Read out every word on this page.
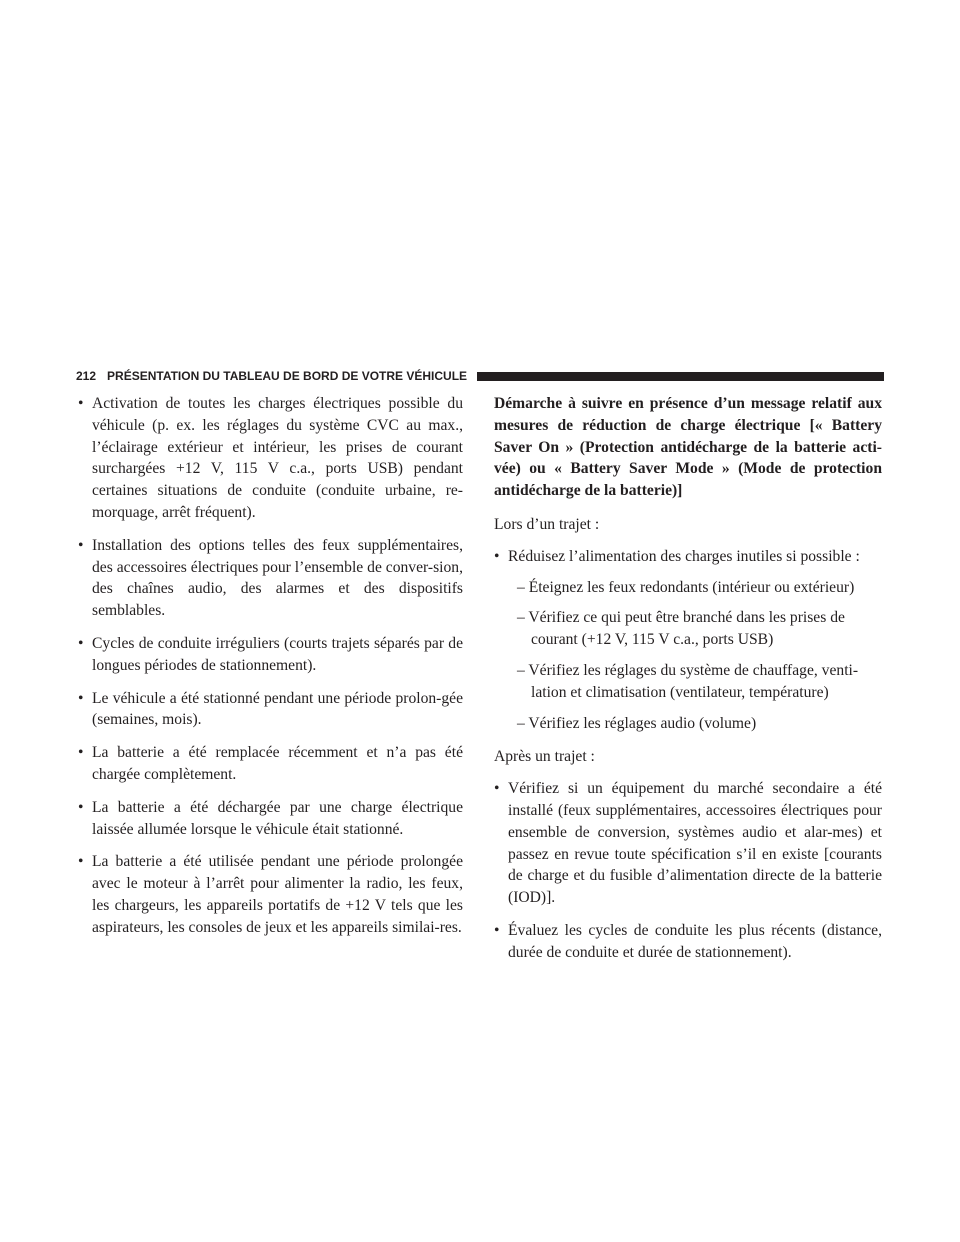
212 PRÉSENTATION DU TABLEAU DE BORD DE VOTRE VÉHICULE

• Activation de toutes les charges électriques possible du véhicule (p. ex. les réglages du système CVC au max., l’éclairage extérieur et intérieur, les prises de courant surchargées +12 V, 115 V c.a., ports USB) pendant certaines situations de conduite (conduite urbaine, re-morquage, arrêt fréquent).

• Installation des options telles des feux supplémentaires, des accessoires électriques pour l’ensemble de conver-sion, des chaînes audio, des alarmes et des dispositifs semblables.

• Cycles de conduite irréguliers (courts trajets séparés par de longues périodes de stationnement).

• Le véhicule a été stationné pendant une période prolon-gée (semaines, mois).

• La batterie a été remplacée récemment et n’a pas été chargée complètement.

• La batterie a été déchargée par une charge électrique laissée allumée lorsque le véhicule était stationné.

• La batterie a été utilisée pendant une période prolongée avec le moteur à l’arrêt pour alimenter la radio, les feux, les chargeurs, les appareils portatifs de +12 V tels que les aspirateurs, les consoles de jeux et les appareils similai-res.

Démarche à suivre en présence d’un message relatif aux mesures de réduction de charge électrique [« Battery Saver On » (Protection antidécharge de la batterie acti-vée) ou « Battery Saver Mode » (Mode de protection antidécharge de la batterie)]

Lors d’un trajet :

• Réduisez l’alimentation des charges inutiles si possible :

– Éteignez les feux redondants (intérieur ou extérieur)

– Vérifiez ce qui peut être branché dans les prises de courant (+12 V, 115 V c.a., ports USB)

– Vérifiez les réglages du système de chauffage, venti-lation et climatisation (ventilateur, température)

– Vérifiez les réglages audio (volume)

Après un trajet :

• Vérifiez si un équipement du marché secondaire a été installé (feux supplémentaires, accessoires électriques pour ensemble de conversion, systèmes audio et alar-mes) et passez en revue toute spécification s’il en existe [courants de charge et du fusible d’alimentation directe de la batterie (IOD)].

• Évaluez les cycles de conduite les plus récents (distance, durée de conduite et durée de stationnement).
